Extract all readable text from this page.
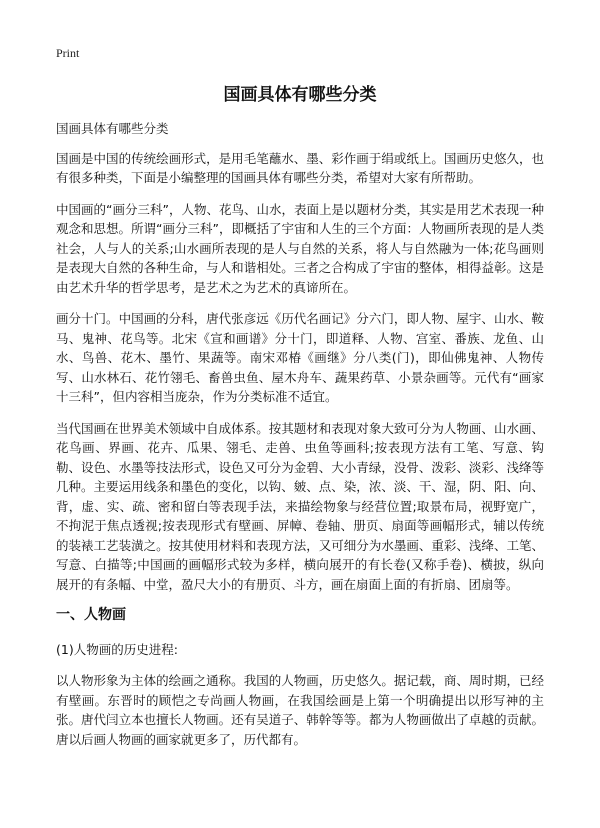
Print
国画具体有哪些分类

国画具体有哪些分类

国画是中国的传统绘画形式，是用毛笔蘸水、墨、彩作画于绢或纸上。国画历史悠久，也有很多种类，下面是小编整理的国画具体有哪些分类，希望对大家有所帮助。

中国画的“画分三科”，人物、花鸟、山水，表面上是以题材分类，其实是用艺术表现一种观念和思想。所谓“画分三科”，即概括了宇宙和人生的三个方面：人物画所表现的是人类社会，人与人的关系;山水画所表现的是人与自然的关系，将人与自然融为一体;花鸟画则是表现大自然的各种生命，与人和谐相处。三者之合构成了宇宙的整体，相得益彰。这是由艺术升华的哲学思考，是艺术之为艺术的真谛所在。

画分十门。中国画的分科，唐代张彦远《历代名画记》分六门，即人物、屋宇、山水、鞍马、鬼神、花鸟等。北宋《宣和画谱》分十门，即道释、人物、宫室、番族、龙鱼、山水、鸟兽、花木、墨竹、果蔬等。南宋邓椿《画继》分八类(门)，即仙佛鬼神、人物传写、山水林石、花竹翎毛、畜兽虫鱼、屋木舟车、蔬果药草、小景杂画等。元代有“画家十三科”，但内容相当庞杂，作为分类标准不适宜。

当代国画在世界美术领域中自成体系。按其题材和表现对象大致可分为人物画、山水画、花鸟画、界画、花卉、瓜果、翎毛、走兽、虫鱼等画科;按表现方法有工笔、写意、钩勒、设色、水墨等技法形式，设色又可分为金碧、大小青绿，没骨、泼彩、淡彩、浅绛等几种。主要运用线条和墨色的变化，以钩、皴、点、染，浓、淡、干、湿，阴、阳、向、背，虚、实、疏、密和留白等表现手法，来描绘物象与经营位置;取景布局，视野宽广，不拘泥于焦点透视;按表现形式有壁画、屏幛、卷轴、册页、扇面等画幅形式，辅以传统的装裱工艺装潢之。按其使用材料和表现方法，又可细分为水墨画、重彩、浅绛、工笔、写意、白描等;中国画的画幅形式较为多样，横向展开的有长卷(又称手卷)、横披，纵向展开的有条幅、中堂，盈尺大小的有册页、斗方，画在扇面上面的有折扇、团扇等。

一、人物画

(1)人物画的历史进程:

以人物形象为主体的绘画之通称。我国的人物画，历史悠久。据记载，商、周时期，已经有壁画。东晋时的顾恺之专尚画人物画，在我国绘画是上第一个明确提出以形写神的主张。唐代闫立本也擅长人物画。还有吴道子、韩幹等等。都为人物画做出了卓越的贡献。唐以后画人物画的画家就更多了，历代都有。
